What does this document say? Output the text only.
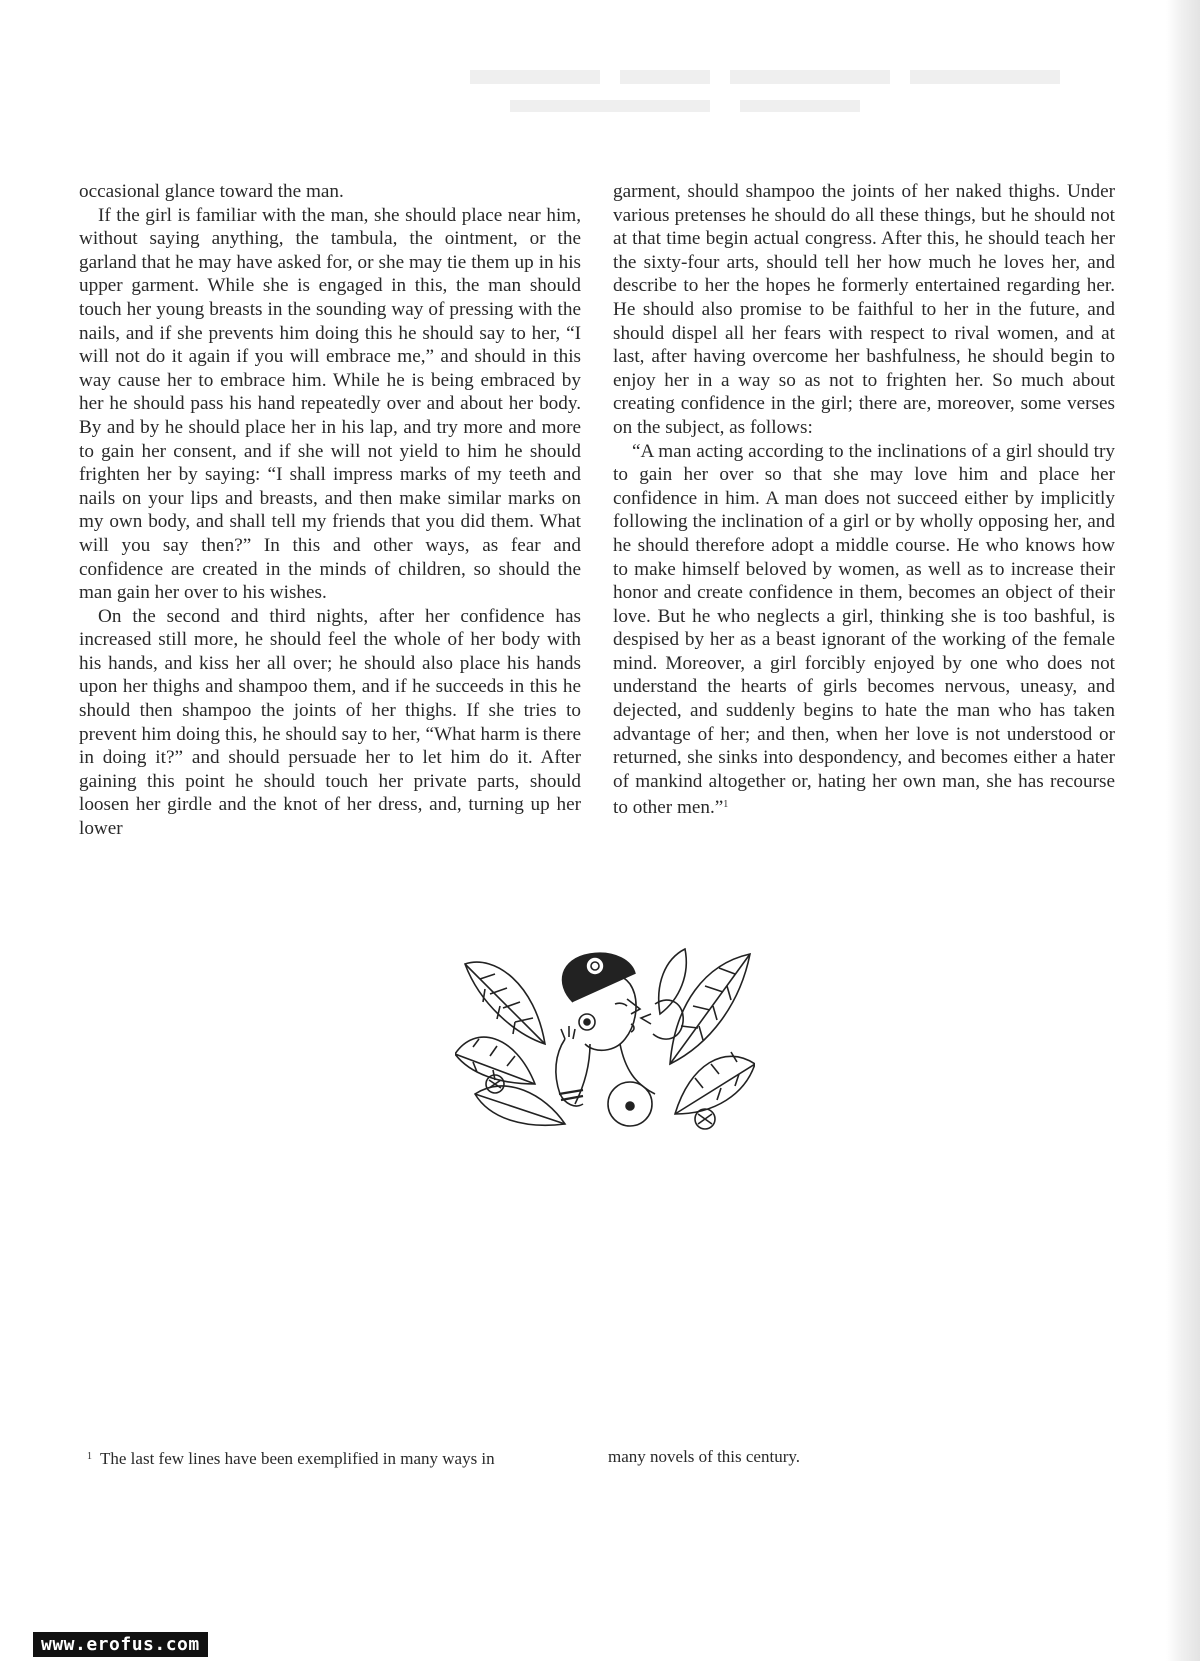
occasional glance toward the man.

If the girl is familiar with the man, she should place near him, without saying anything, the tambula, the ointment, or the garland that he may have asked for, or she may tie them up in his upper garment. While she is engaged in this, the man should touch her young breasts in the sounding way of pressing with the nails, and if she prevents him doing this he should say to her, “I will not do it again if you will embrace me,” and should in this way cause her to embrace him. While he is being embraced by her he should pass his hand repeatedly over and about her body. By and by he should place her in his lap, and try more and more to gain her consent, and if she will not yield to him he should frighten her by saying: “I shall impress marks of my teeth and nails on your lips and breasts, and then make similar marks on my own body, and shall tell my friends that you did them. What will you say then?” In this and other ways, as fear and confidence are created in the minds of children, so should the man gain her over to his wishes.

On the second and third nights, after her confidence has increased still more, he should feel the whole of her body with his hands, and kiss her all over; he should also place his hands upon her thighs and shampoo them, and if he succeeds in this he should then shampoo the joints of her thighs. If she tries to prevent him doing this, he should say to her, “What harm is there in doing it?” and should persuade her to let him do it. After gaining this point he should touch her private parts, should loosen her girdle and the knot of her dress, and, turning up her lower

garment, should shampoo the joints of her naked thighs. Under various pretenses he should do all these things, but he should not at that time begin actual congress. After this, he should teach her the sixty-four arts, should tell her how much he loves her, and describe to her the hopes he formerly entertained regarding her. He should also promise to be faithful to her in the future, and should dispel all her fears with respect to rival women, and at last, after having overcome her bashfulness, he should begin to enjoy her in a way so as not to frighten her. So much about creating confidence in the girl; there are, moreover, some verses on the subject, as follows:

“A man acting according to the inclinations of a girl should try to gain her over so that she may love him and place her confidence in him. A man does not succeed either by implicitly following the inclination of a girl or by wholly opposing her, and he should therefore adopt a middle course. He who knows how to make himself beloved by women, as well as to increase their honor and create confidence in them, becomes an object of their love. But he who neglects a girl, thinking she is too bashful, is despised by her as a beast ignorant of the working of the female mind. Moreover, a girl forcibly enjoyed by one who does not understand the hearts of girls becomes nervous, uneasy, and dejected, and suddenly begins to hate the man who has taken advantage of her; and then, when her love is not understood or returned, she sinks into despondency, and becomes either a hater of mankind altogether or, hating her own man, she has recourse to other men.”$^1$

$^1$ The last few lines have been exemplified in many ways in	many novels of this century.
www.erofus.com
